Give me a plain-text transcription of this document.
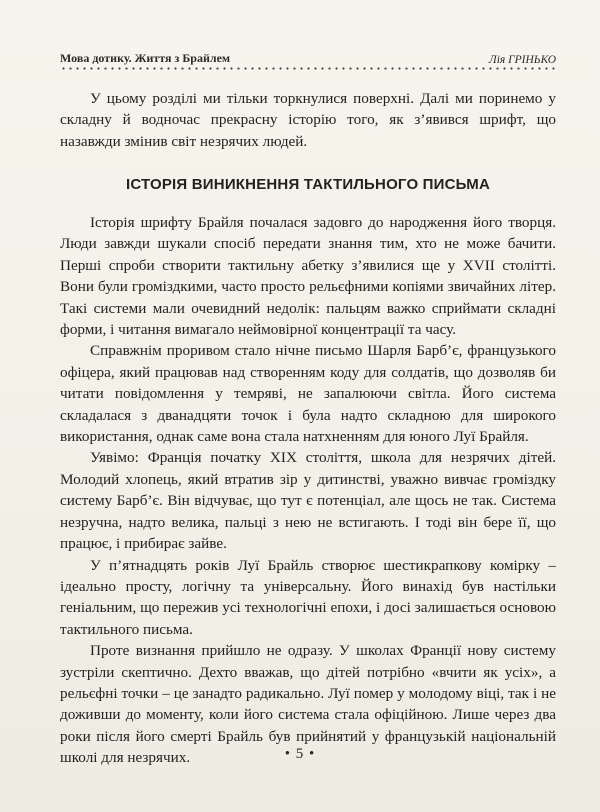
Мова дотику. Життя з Брайлем	Лія ГРІНЬКО

У цьому розділі ми тільки торкнулися поверхні. Далі ми поринемо у складну й водночас прекрасну історію того, як з’явився шрифт, що назавжди змінив світ незрячих людей.

ІСТОРІЯ ВИНИКНЕННЯ ТАКТИЛЬНОГО ПИСЬМА

Історія шрифту Брайля почалася задовго до народження його творця. Люди завжди шукали спосіб передати знання тим, хто не може бачити. Перші спроби створити тактильну абетку з’явилися ще у XVII столітті. Вони були громіздкими, часто просто рельєфними копіями звичайних літер. Такі системи мали очевидний недолік: пальцям важко сприймати складні форми, і читання вимагало неймовірної концентрації та часу.

Справжнім проривом стало нічне письмо Шарля Барб’є, французького офіцера, який працював над створенням коду для солдатів, що дозволяв би читати повідомлення у темряві, не запалюючи світла. Його система складалася з дванадцяти точок і була надто складною для широкого використання, однак саме вона стала натхненням для юного Луї Брайля.

Уявімо: Франція початку XIX століття, школа для незрячих дітей. Молодий хлопець, який втратив зір у дитинстві, уважно вивчає громіздку систему Барб’є. Він відчуває, що тут є потенціал, але щось не так. Система незручна, надто велика, пальці з нею не встигають. І тоді він бере її, що працює, і прибирає зайве.

У п’ятнадцять років Луї Брайль створює шестикрапкову комірку – ідеально просту, логічну та універсальну. Його винахід був настільки геніальним, що пережив усі технологічні епохи, і досі залишається основою тактильного письма.

Проте визнання прийшло не одразу. У школах Франції нову систему зустріли скептично. Дехто вважав, що дітей потрібно «вчити як усіх», а рельєфні точки – це занадто радикально. Луї помер у молодому віці, так і не доживши до моменту, коли його система стала офіційною. Лише через два роки після його смерті Брайль був прийнятий у французькій національній школі для незрячих.	• 5 •
